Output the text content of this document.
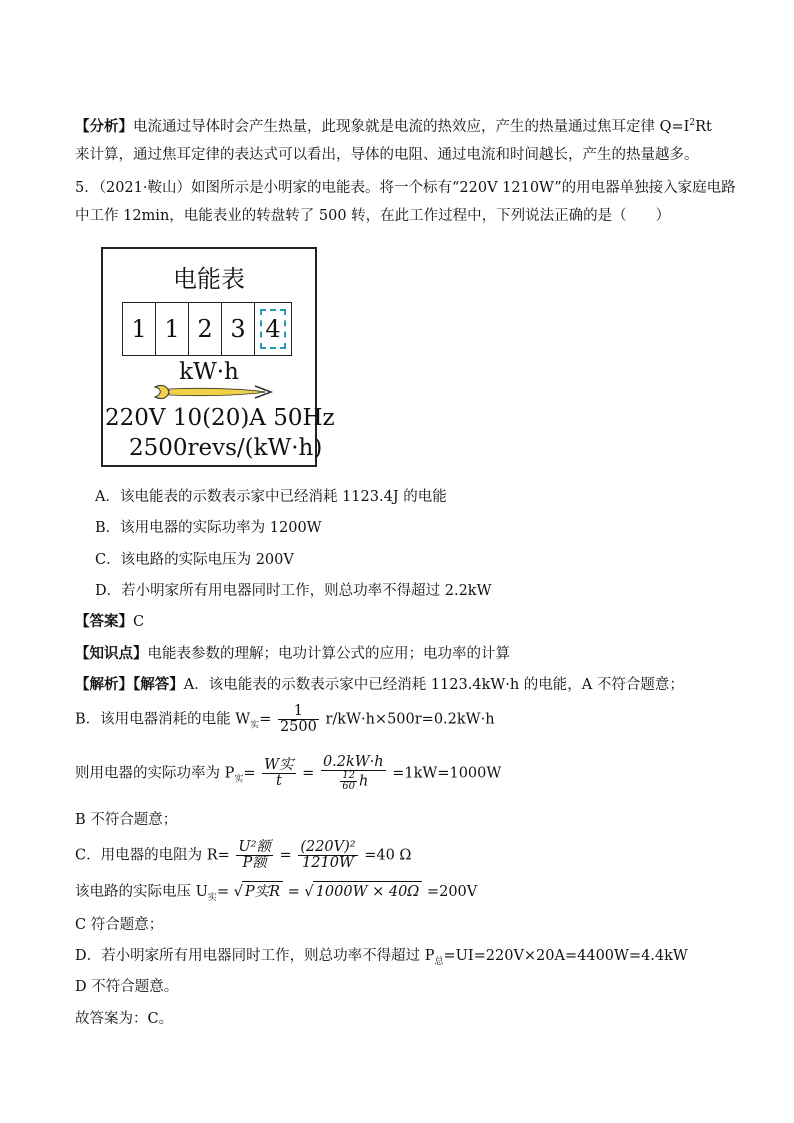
【分析】电流通过导体时会产生热量，此现象就是电流的热效应，产生的热量通过焦耳定律 $Q=I^2Rt$
来计算，通过焦耳定律的表达式可以看出，导体的电阻、通过电流和时间越长，产生的热量越多。
5．（2021·鞍山）如图所示是小明家的电能表。将一个标有“220V 1210W”的用电器单独接入家庭电路
中工作 12min，电能表业的转盘转了 500 转，在此工作过程中，下列说法正确的是（　　）
电能表
1 1 2 3 4
kW·h
220V 10(20)A 50Hz
2500revs/(kW·h)
A．该电能表的示数表示家中已经消耗 1123.4J 的电能
B．该用电器的实际功率为 1200W
C．该电路的实际电压为 200V
D．若小明家所有用电器同时工作，则总功率不得超过 2.2kW
【答案】C
【知识点】电能表参数的理解；电功计算公式的应用；电功率的计算
【解析】【解答】A．该电能表的示数表示家中已经消耗 1123.4kW·h 的电能，A 不符合题意；
B．该用电器消耗的电能 $W_实= \frac{1}{2500} r/kW\cdot h\times 500r=0.2kW\cdot h$
则用电器的实际功率为 $P_实= \frac{\text{W实}}{t} = \frac{0.2kW\cdot h}{\frac{12}{60} h} =1kW=1000W$
B 不符合题意；
C．用电器的电阻为 $R= \frac{\text{U²额}}{\text{P额}} = \frac{\text{(220V)²}}{1210W} =40$ Ω
该电路的实际电压 $U_实=$ √ P实R = √ 1000W × 40Ω =200V
C 符合题意；
D．若小明家所有用电器同时工作，则总功率不得超过 $P_总=UI=220V\times 20A=4400W=4.4kW$
D 不符合题意。
故答案为：C。
